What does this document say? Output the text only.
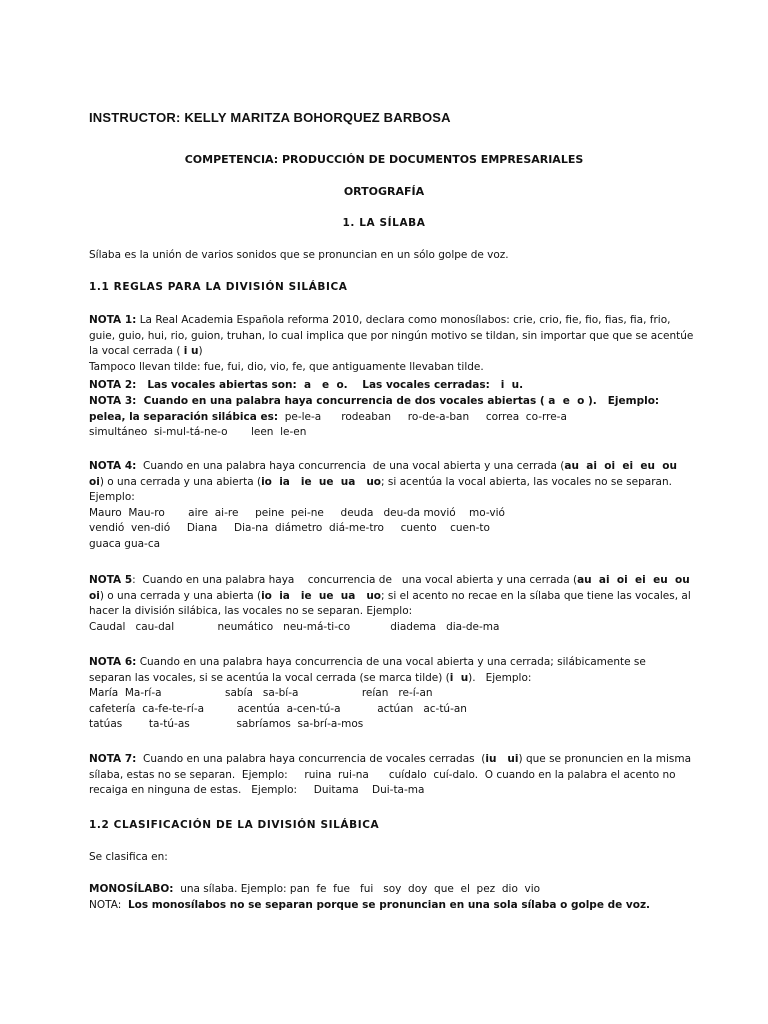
INSTRUCTOR: KELLY MARITZA BOHORQUEZ BARBOSA
COMPETENCIA: PRODUCCIÓN DE DOCUMENTOS EMPRESARIALES
ORTOGRAFÍA
1. LA SÍLABA
Sílaba es la unión de varios sonidos que se pronuncian en un sólo golpe de voz.
1.1 REGLAS PARA LA DIVISIÓN SILÁBICA
NOTA 1: La Real Academia Española reforma 2010, declara como monosílabos: crie, crio, fie, fio, fias, fia, frio,
guie, guio, hui, rio, guion, truhan, lo cual implica que por ningún motivo se tildan, sin importar que que se acentúe
la vocal cerrada ( i u)
Tampoco llevan tilde: fue, fui, dio, vio, fe, que antiguamente llevaban tilde.
NOTA 2:   Las vocales abiertas son:  a   e  o.    Las vocales cerradas:   i  u.
NOTA 3:  Cuando en una palabra haya concurrencia de dos vocales abiertas ( a  e  o ).   Ejemplo:
pelea, la separación silábica es:  pe-le-a      rodeaban     ro-de-a-ban     correa  co-rre-a
simultáneo  si-mul-tá-ne-o       leen  le-en
NOTA 4:  Cuando en una palabra haya concurrencia  de una vocal abierta y una cerrada (au  ai  oi  ei  eu  ou
oi) o una cerrada y una abierta (io  ia   ie  ue  ua   uo; si acentúa la vocal abierta, las vocales no se separan.
Ejemplo:
Mauro  Mau-ro       aire  ai-re     peine  pei-ne     deuda   deu-da movió    mo-vió
vendió  ven-dió     Diana     Dia-na  diámetro  diá-me-tro     cuento    cuen-to
guaca gua-ca
NOTA 5:  Cuando en una palabra haya    concurrencia de   una vocal abierta y una cerrada (au  ai  oi  ei  eu  ou
oi) o una cerrada y una abierta (io  ia   ie  ue  ua   uo; si el acento no recae en la sílaba que tiene las vocales, al
hacer la división silábica, las vocales no se separan. Ejemplo:
Caudal   cau-dal             neumático   neu-má-ti-co            diadema   dia-de-ma
NOTA 6: Cuando en una palabra haya concurrencia de una vocal abierta y una cerrada; silábicamente se
separan las vocales, si se acentúa la vocal cerrada (se marca tilde) (i  u).   Ejemplo:
María  Ma-rí-a                   sabía   sa-bí-a                   reían   re-í-an
cafetería  ca-fe-te-rí-a          acentúa  a-cen-tú-a           actúan   ac-tú-an
tatúas        ta-tú-as              sabríamos  sa-brí-a-mos
NOTA 7:  Cuando en una palabra haya concurrencia de vocales cerradas  (iu   ui) que se pronuncien en la misma
sílaba, estas no se separan.  Ejemplo:     ruina  rui-na      cuídalo  cuí-dalo.  O cuando en la palabra el acento no
recaiga en ninguna de estas.   Ejemplo:     Duitama    Dui-ta-ma
1.2 CLASIFICACIÓN DE LA DIVISIÓN SILÁBICA
Se clasifica en:
MONOSÍLABO:  una sílaba. Ejemplo: pan  fe  fue   fui   soy  doy  que  el  pez  dio  vio
NOTA:  Los monosílabos no se separan porque se pronuncian en una sola sílaba o golpe de voz.
